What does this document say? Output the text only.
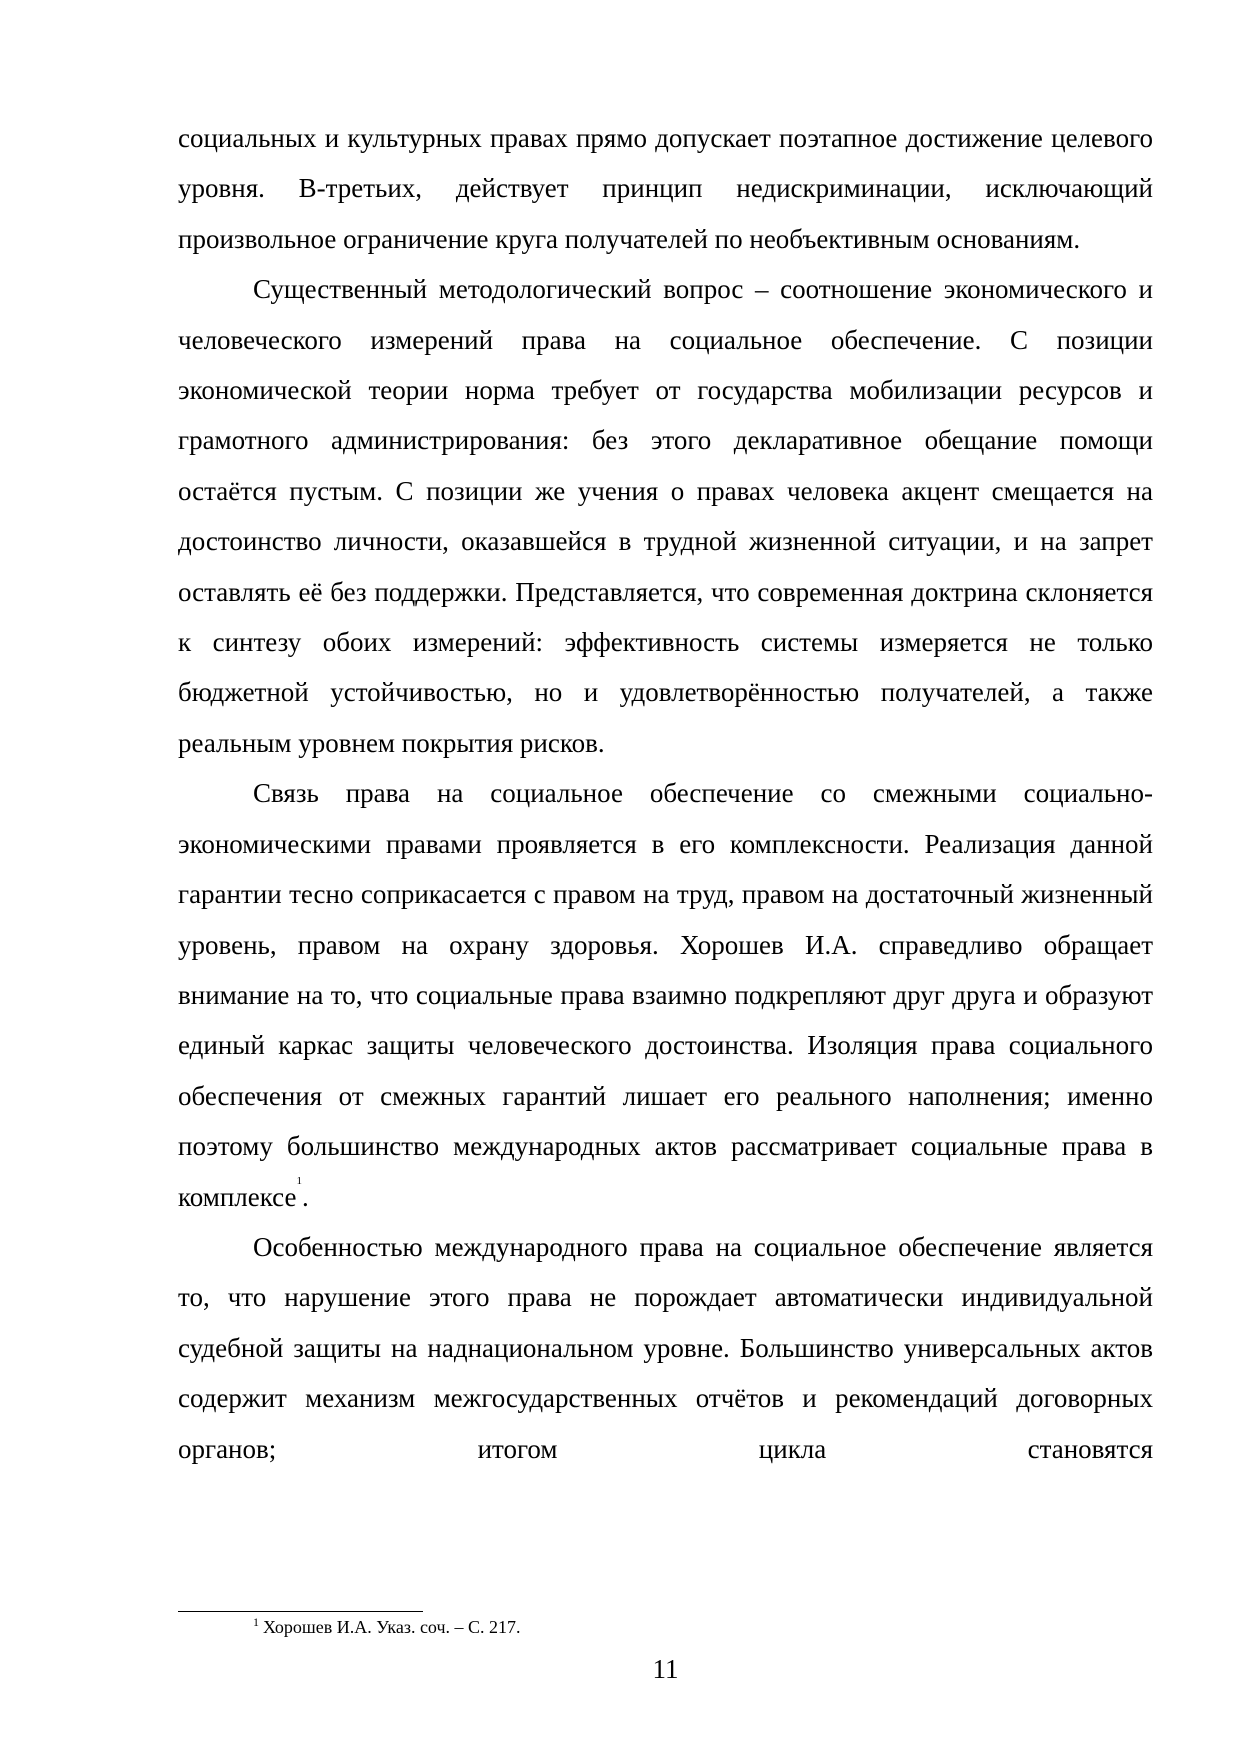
социальных и культурных правах прямо допускает поэтапное достижение целевого уровня. В-третьих, действует принцип недискриминации, исключающий произвольное ограничение круга получателей по необъективным основаниям.

Существенный методологический вопрос – соотношение экономического и человеческого измерений права на социальное обеспечение. С позиции экономической теории норма требует от государства мобилизации ресурсов и грамотного администрирования: без этого декларативное обещание помощи остаётся пустым. С позиции же учения о правах человека акцент смещается на достоинство личности, оказавшейся в трудной жизненной ситуации, и на запрет оставлять её без поддержки. Представляется, что современная доктрина склоняется к синтезу обоих измерений: эффективность системы измеряется не только бюджетной устойчивостью, но и удовлетворённостью получателей, а также реальным уровнем покрытия рисков.

Связь права на социальное обеспечение со смежными социально-экономическими правами проявляется в его комплексности. Реализация данной гарантии тесно соприкасается с правом на труд, правом на достаточный жизненный уровень, правом на охрану здоровья. Хорошев И.А. справедливо обращает внимание на то, что социальные права взаимно подкрепляют друг друга и образуют единый каркас защиты человеческого достоинства. Изоляция права социального обеспечения от смежных гарантий лишает его реального наполнения; именно поэтому большинство международных актов рассматривает социальные права в комплексе$^1$.

Особенностью международного права на социальное обеспечение является то, что нарушение этого права не порождает автоматически индивидуальной судебной защиты на наднациональном уровне. Большинство универсальных актов содержит механизм межгосударственных отчётов и рекомендаций договорных органов; итогом цикла становятся

$^1$ Хорошев И.А. Указ. соч. – С. 217.
11
